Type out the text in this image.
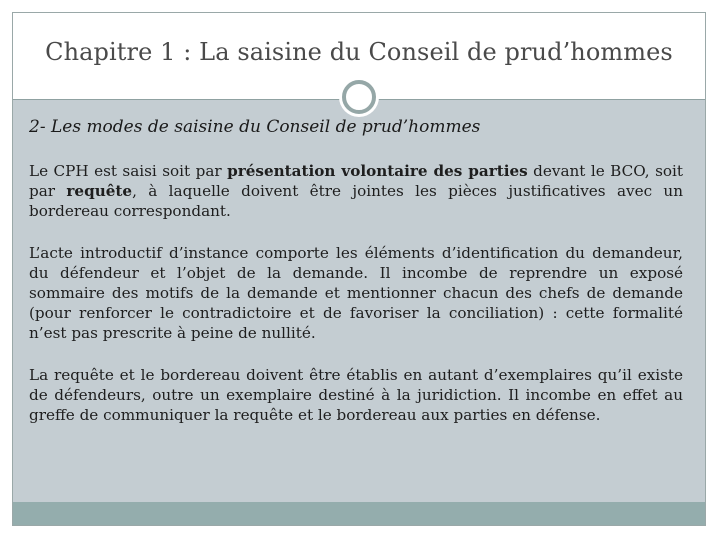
Chapitre 1 : La saisine du Conseil de prud’hommes

2- Les modes de saisine du Conseil de prud’hommes

Le CPH est saisi soit par présentation volontaire des parties devant le BCO, soit par requête, à laquelle doivent être jointes les pièces justificatives avec un bordereau correspondant.

L’acte introductif d’instance comporte les éléments d’identification du demandeur, du défendeur et l’objet de la demande. Il incombe de reprendre un exposé sommaire des motifs de la demande et mentionner chacun des chefs de demande (pour renforcer le contradictoire et de favoriser la conciliation) : cette formalité n’est pas prescrite à peine de nullité.

La requête et le bordereau doivent être établis en autant d’exemplaires qu’il existe de défendeurs, outre un exemplaire destiné à la juridiction. Il incombe en effet au greffe de communiquer la requête et le bordereau aux parties en défense.
